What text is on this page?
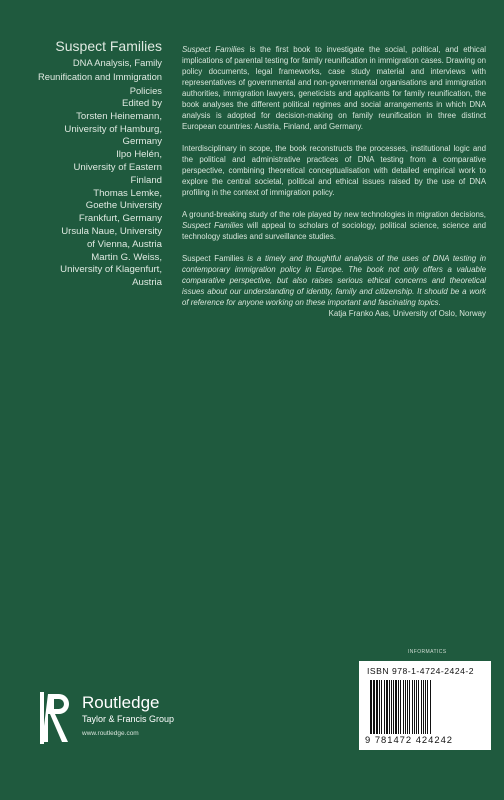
Suspect Families
DNA Analysis, Family Reunification and Immigration Policies
Edited by
Torsten Heinemann,
University of Hamburg,
Germany
Ilpo Helén,
University of Eastern
Finland
Thomas Lemke,
Goethe University
Frankfurt, Germany
Ursula Naue, University
of Vienna, Austria
Martin G. Weiss,
University of Klagenfurt,
Austria

Suspect Families is the first book to investigate the social, political, and ethical implications of parental testing for family reunification in immigration cases. Drawing on policy documents, legal frameworks, case study material and interviews with representatives of governmental and non-governmental organisations and immigration authorities, immigration lawyers, geneticists and applicants for family reunification, the book analyses the different political regimes and social arrangements in which DNA analysis is adopted for decision-making on family reunification in three distinct European countries: Austria, Finland, and Germany.

Interdisciplinary in scope, the book reconstructs the processes, institutional logic and the political and administrative practices of DNA testing from a comparative perspective, combining theoretical conceptualisation with detailed empirical work to explore the central societal, political and ethical issues raised by the use of DNA profiling in the context of immigration policy.

A ground-breaking study of the role played by new technologies in migration decisions, Suspect Families will appeal to scholars of sociology, political science, science and technology studies and surveillance studies.

Suspect Families is a timely and thoughtful analysis of the uses of DNA testing in contemporary immigration policy in Europe. The book not only offers a valuable comparative perspective, but also raises serious ethical concerns and theoretical issues about our understanding of identity, family and citizenship. It should be a work of reference for anyone working on these important and fascinating topics.

Katja Franko Aas, University of Oslo, Norway

INFORMATICS
ISBN 978-1-4724-2424-2
9 781472 424242
Routledge
Taylor & Francis Group
www.routledge.com
